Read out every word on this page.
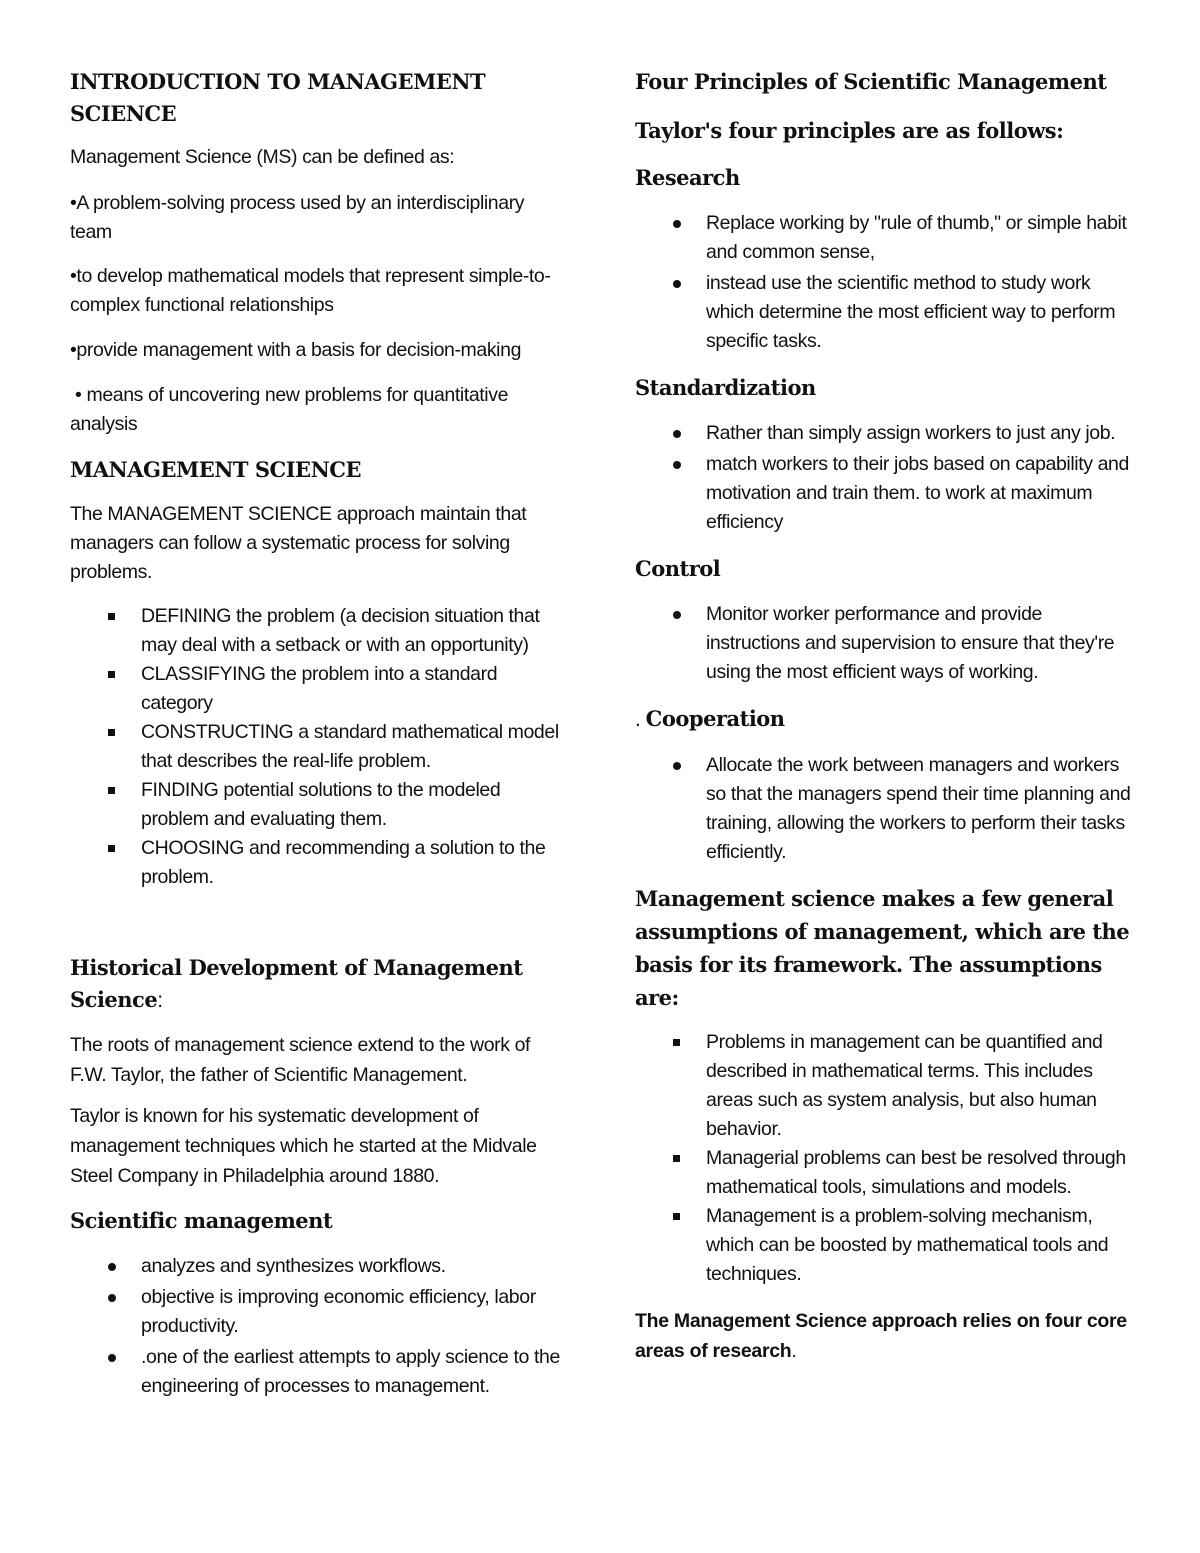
INTRODUCTION TO MANAGEMENT SCIENCE

Management Science (MS) can be defined as:

•A problem-solving process used by an interdisciplinary team

•to develop mathematical models that represent simple-to-complex functional relationships

•provide management with a basis for decision-making

• means of uncovering new problems for quantitative analysis

MANAGEMENT SCIENCE

The MANAGEMENT SCIENCE approach maintain that managers can follow a systematic process for solving problems.

DEFINING the problem (a decision situation that may deal with a setback or with an opportunity)
CLASSIFYING the problem into a standard category
CONSTRUCTING a standard mathematical model that describes the real-life problem.
FINDING potential solutions to the modeled problem and evaluating them.
CHOOSING and recommending a solution to the problem.
Historical Development of Management Science:

The roots of management science extend to the work of F.W. Taylor, the father of Scientific Management.

Taylor is known for his systematic development of management techniques which he started at the Midvale Steel Company in Philadelphia around 1880.

Scientific management
analyzes and synthesizes workflows.
objective is improving economic efficiency, labor productivity.
.one of the earliest attempts to apply science to the engineering of processes to management.
Four Principles of Scientific Management
Taylor's four principles are as follows:
Research
Replace working by "rule of thumb," or simple habit and common sense,
instead use the scientific method to study work which determine the most efficient way to perform specific tasks.
Standardization
Rather than simply assign workers to just any job.
match workers to their jobs based on capability and motivation and train them. to work at maximum efficiency
Control
Monitor worker performance and provide instructions and supervision to ensure that they're using the most efficient ways of working.
. Cooperation
Allocate the work between managers and workers so that the managers spend their time planning and training, allowing the workers to perform their tasks efficiently.
Management science makes a few general assumptions of management, which are the basis for its framework. The assumptions are:
Problems in management can be quantified and described in mathematical terms. This includes areas such as system analysis, but also human behavior.
Managerial problems can best be resolved through mathematical tools, simulations and models.
Management is a problem-solving mechanism, which can be boosted by mathematical tools and techniques.

The Management Science approach relies on four core areas of research.
